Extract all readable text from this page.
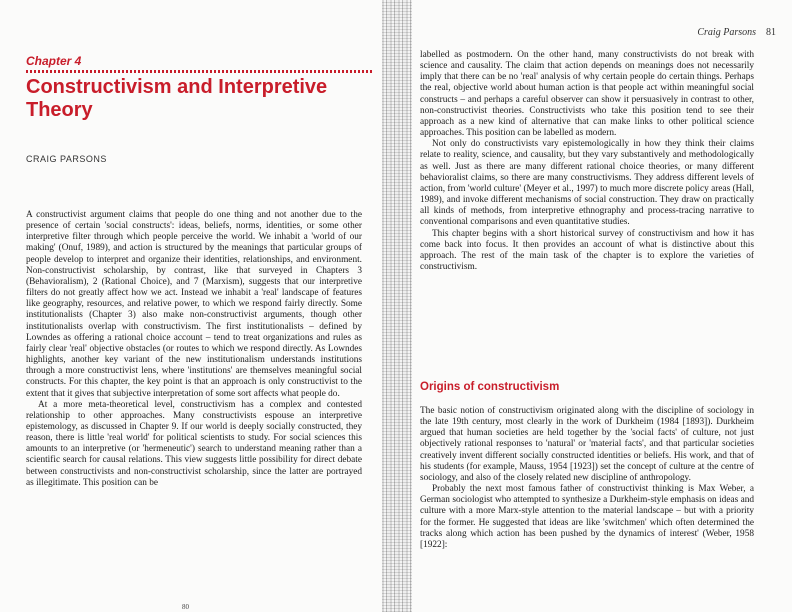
Chapter 4
Constructivism and Interpretive Theory
CRAIG PARSONS

A constructivist argument claims that people do one thing and not another due to the presence of certain 'social constructs': ideas, beliefs, norms, identities, or some other interpretive filter through which people perceive the world. We inhabit a 'world of our making' (Onuf, 1989), and action is structured by the meanings that particular groups of people develop to interpret and organize their identities, relationships, and environment. Non-constructivist scholarship, by contrast, like that surveyed in Chapters 3 (Behavioralism), 2 (Rational Choice), and 7 (Marxism), suggests that our interpretive filters do not greatly affect how we act. Instead we inhabit a 'real' landscape of features like geography, resources, and relative power, to which we respond fairly directly. Some institutionalists (Chapter 3) also make non-constructivist arguments, though other institutionalists overlap with constructivism. The first institutionalists – defined by Lowndes as offering a rational choice account – tend to treat organizations and rules as fairly clear 'real' objective obstacles (or routes to which we respond directly. As Lowndes highlights, another key variant of the new institutionalism understands institutions through a more constructivist lens, where 'institutions' are themselves meaningful social constructs. For this chapter, the key point is that an approach is only constructivist to the extent that it gives that subjective interpretation of some sort affects what people do.

At a more meta-theoretical level, constructivism has a complex and contested relationship to other approaches. Many constructivists espouse an interpretive epistemology, as discussed in Chapter 9. If our world is deeply socially constructed, they reason, there is little 'real world' for political scientists to study. For social sciences this amounts to an interpretive (or 'hermeneutic') search to understand meaning rather than a scientific search for causal relations. This view suggests little possibility for direct debate between constructivists and non-constructivist scholarship, since the latter are portrayed as illegitimate. This position can be

80
Craig Parsons 81

labelled as postmodern. On the other hand, many constructivists do not break with science and causality. The claim that action depends on meanings does not necessarily imply that there can be no 'real' analysis of why certain people do certain things. Perhaps the real, objective world about human action is that people act within meaningful social constructs – and perhaps a careful observer can show it persuasively in contrast to other, non-constructivist theories. Constructivists who take this position tend to see their approach as a new kind of alternative that can make links to other political science approaches. This position can be labelled as modern.

Not only do constructivists vary epistemologically in how they think their claims relate to reality, science, and causality, but they vary substantively and methodologically as well. Just as there are many different rational choice theories, or many different behavioralist claims, so there are many constructivisms. They address different levels of action, from 'world culture' (Meyer et al., 1997) to much more discrete policy areas (Hall, 1989), and invoke different mechanisms of social construction. They draw on practically all kinds of methods, from interpretive ethnography and process-tracing narrative to conventional comparisons and even quantitative studies.

This chapter begins with a short historical survey of constructivism and how it has come back into focus. It then provides an account of what is distinctive about this approach. The rest of the main task of the chapter is to explore the varieties of constructivism.

Origins of constructivism

The basic notion of constructivism originated along with the discipline of sociology in the late 19th century, most clearly in the work of Durkheim (1984 [1893]). Durkheim argued that human societies are held together by the 'social facts' of culture, not just objectively rational responses to 'natural' or 'material facts', and that particular societies creatively invent different socially constructed identities or beliefs. His work, and that of his students (for example, Mauss, 1954 [1923]) set the concept of culture at the centre of sociology, and also of the closely related new discipline of anthropology.

Probably the next most famous father of constructivist thinking is Max Weber, a German sociologist who attempted to synthesize a Durkheim-style emphasis on ideas and culture with a more Marx-style attention to the material landscape – but with a priority for the former. He suggested that ideas are like 'switchmen' which often determined the tracks along which action has been pushed by the dynamics of interest' (Weber, 1958 [1922]:
